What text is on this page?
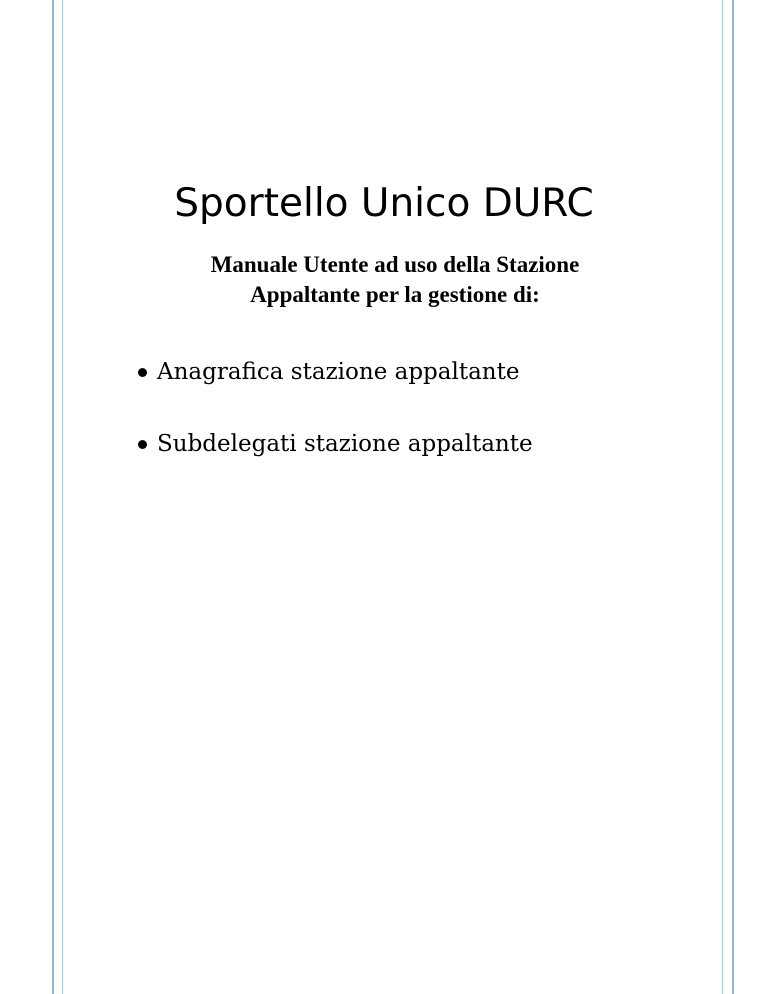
Sportello Unico DURC
Manuale Utente ad uso della Stazione
Appaltante per la gestione di:
Anagrafica stazione appaltante
Subdelegati stazione appaltante
